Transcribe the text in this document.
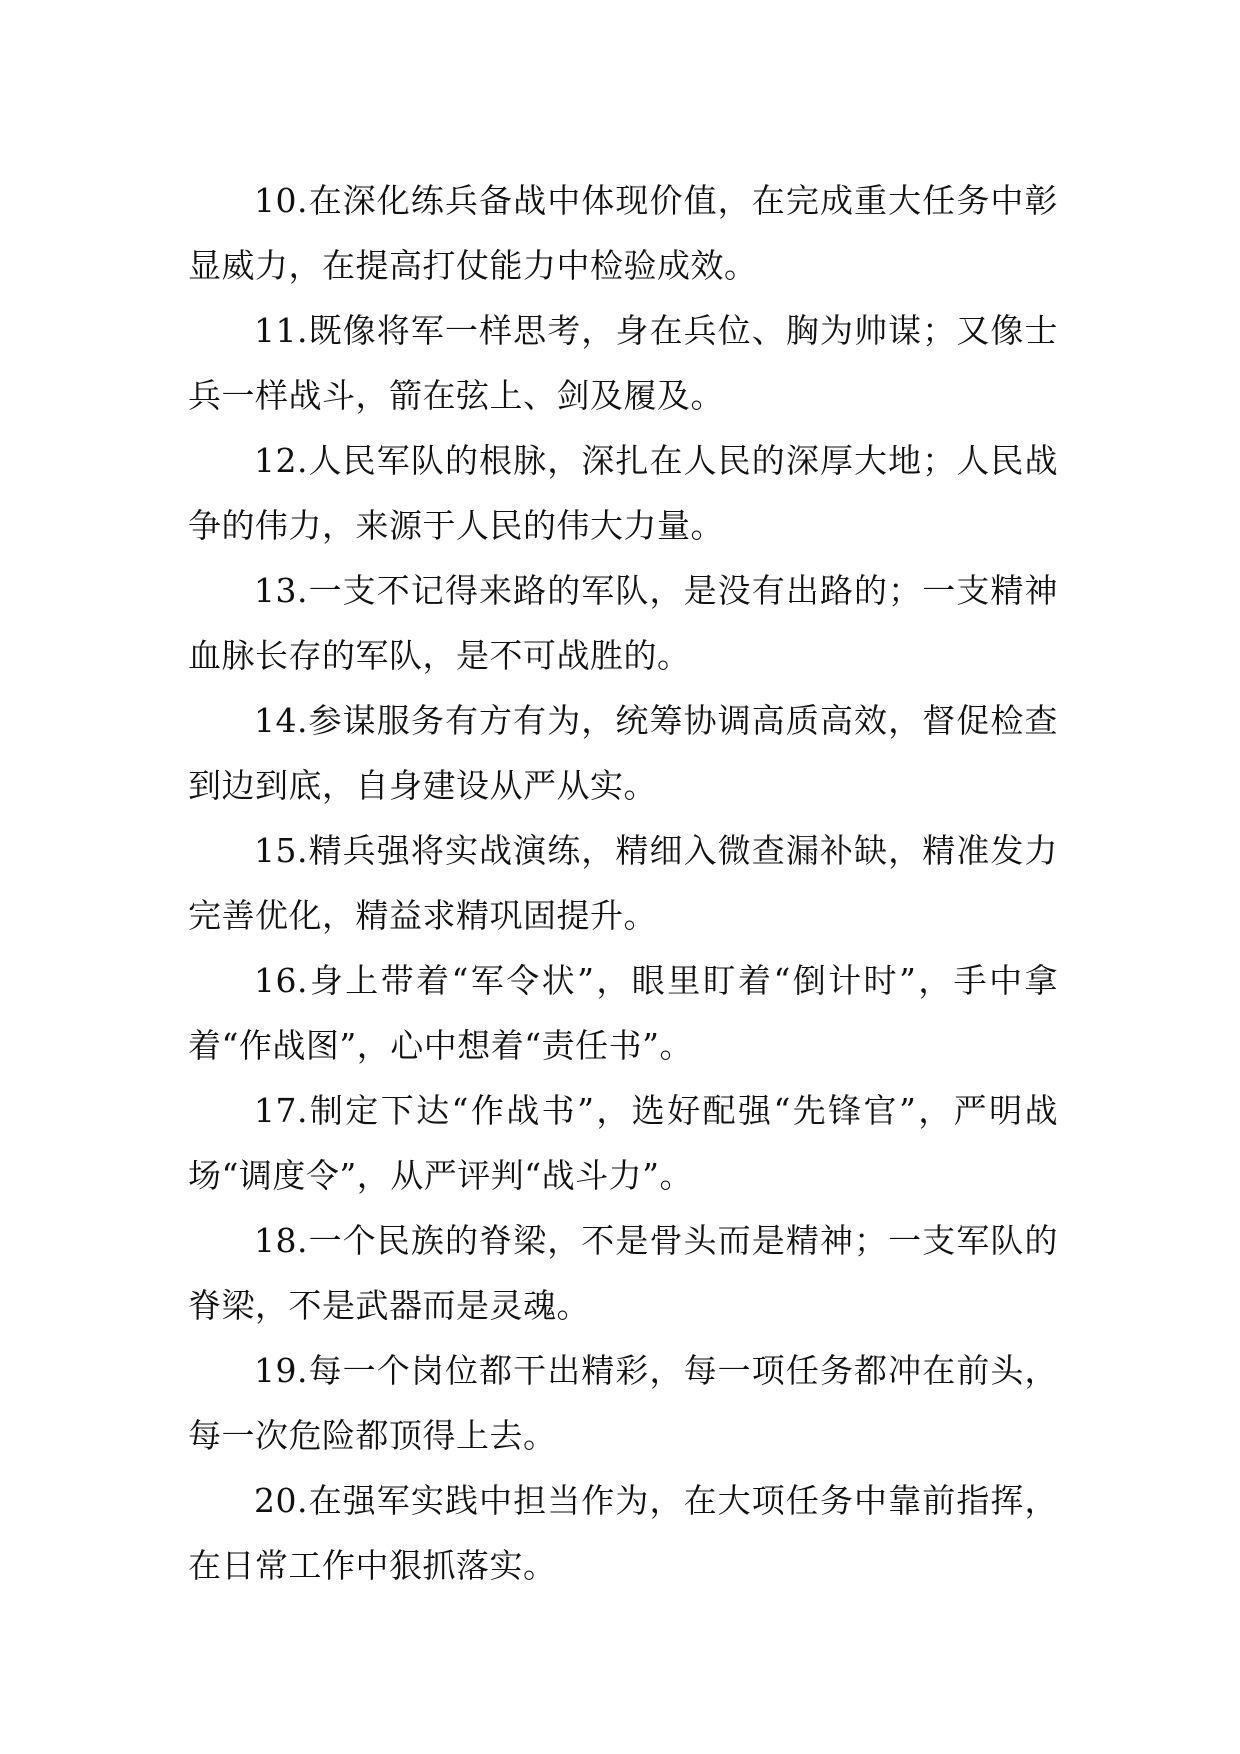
10.在深化练兵备战中体现价值，在完成重大任务中彰显威力，在提高打仗能力中检验成效。

11.既像将军一样思考，身在兵位、胸为帅谋；又像士兵一样战斗，箭在弦上、剑及履及。

12.人民军队的根脉，深扎在人民的深厚大地；人民战争的伟力，来源于人民的伟大力量。

13.一支不记得来路的军队，是没有出路的；一支精神血脉长存的军队，是不可战胜的。

14.参谋服务有方有为，统筹协调高质高效，督促检查到边到底，自身建设从严从实。

15.精兵强将实战演练，精细入微查漏补缺，精准发力完善优化，精益求精巩固提升。

16.身上带着“军令状”，眼里盯着“倒计时”，手中拿着“作战图”，心中想着“责任书”。

17.制定下达“作战书”，选好配强“先锋官”，严明战场“调度令”，从严评判“战斗力”。

18.一个民族的脊梁，不是骨头而是精神；一支军队的脊梁，不是武器而是灵魂。

19.每一个岗位都干出精彩，每一项任务都冲在前头，每一次危险都顶得上去。

20.在强军实践中担当作为，在大项任务中靠前指挥，在日常工作中狠抓落实。
